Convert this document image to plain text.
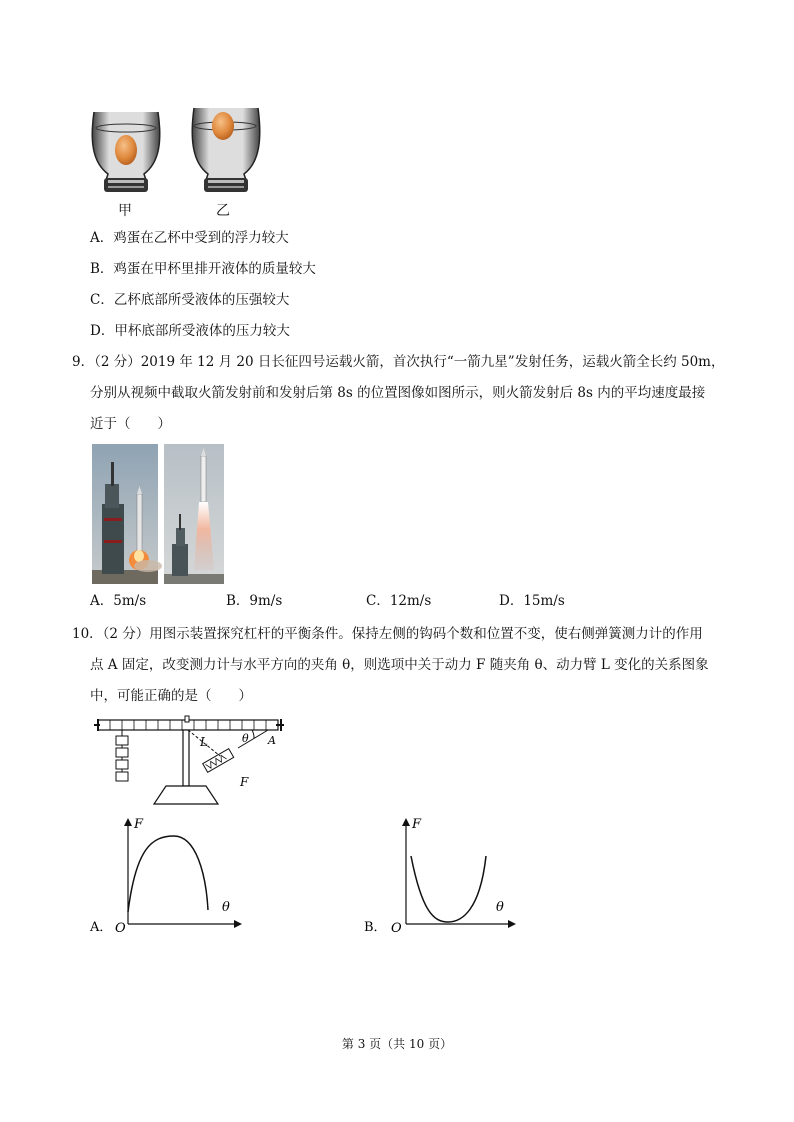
甲	乙
A．鸡蛋在乙杯中受到的浮力较大
B．鸡蛋在甲杯里排开液体的质量较大
C．乙杯底部所受液体的压强较大
D．甲杯底部所受液体的压力较大
9．（2 分）2019 年 12 月 20 日长征四号运载火箭，首次执行“一箭九星”发射任务，运载火箭全长约 50m，
分别从视频中截取火箭发射前和发射后第 8s 的位置图像如图所示，则火箭发射后 8s 内的平均速度最接
近于（　　）
A．5m/s	B．9m/s	C．12m/s	D．15m/s
10．（2 分）用图示装置探究杠杆的平衡条件。保持左侧的钩码个数和位置不变，使右侧弹簧测力计的作用
点 A 固定，改变测力计与水平方向的夹角 θ，则选项中关于动力 F 随夹角 θ、动力臂 L 变化的关系图象
中，可能正确的是（　　）
L	θ A
F
A． O
F
θ
B． O
F
θ
第 3 页（共 10 页）
